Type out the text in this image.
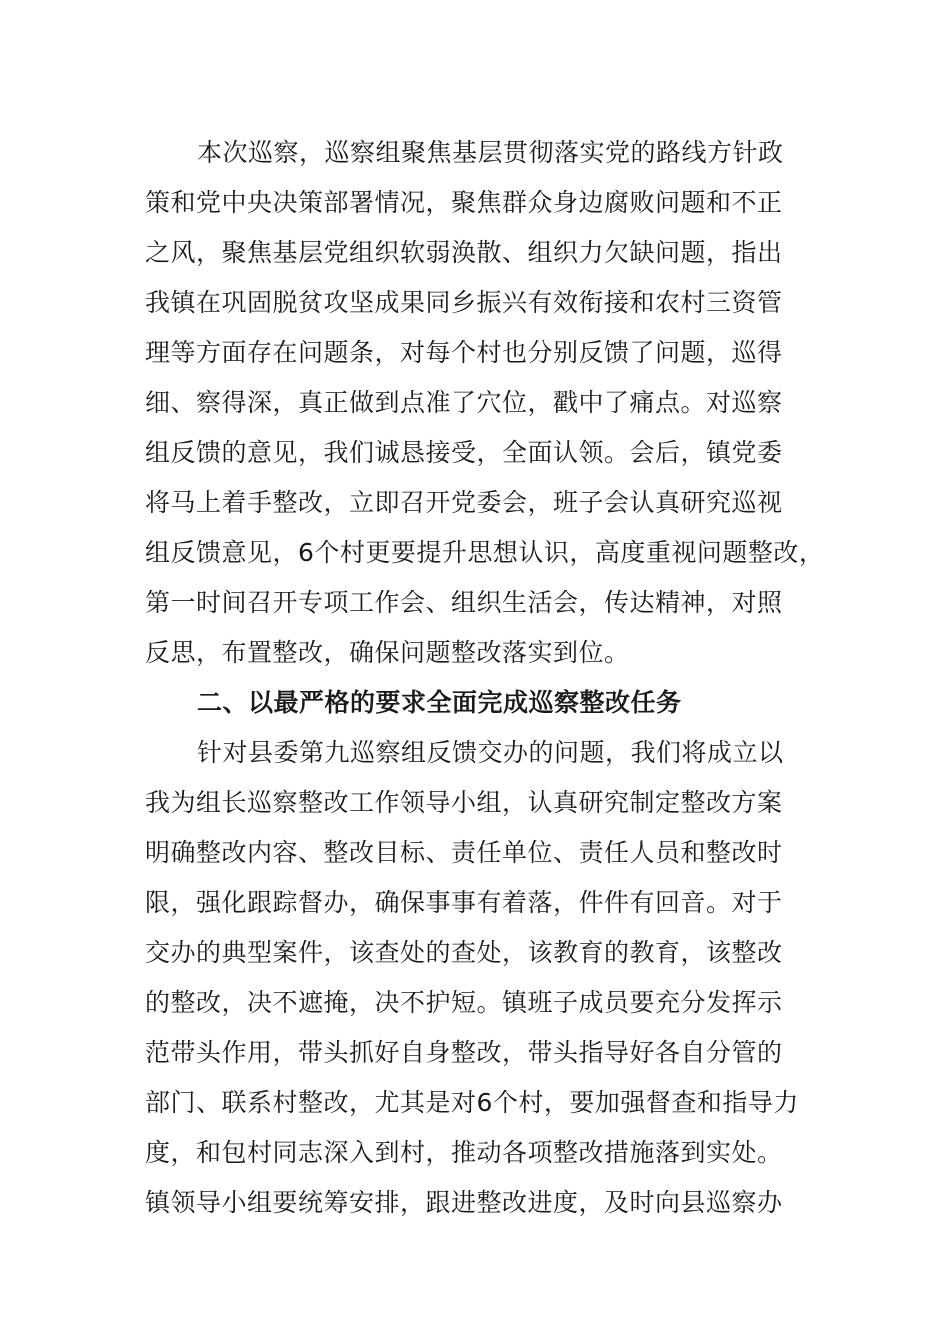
本次巡察，巡察组聚焦基层贯彻落实党的路线方针政
策和党中央决策部署情况，聚焦群众身边腐败问题和不正
之风，聚焦基层党组织软弱涣散、组织力欠缺问题，指出
我镇在巩固脱贫攻坚成果同乡振兴有效衔接和农村三资管
理等方面存在问题条，对每个村也分别反馈了问题，巡得
细、察得深，真正做到点准了穴位，戳中了痛点。对巡察
组反馈的意见，我们诚恳接受，全面认领。会后，镇党委
将马上着手整改，立即召开党委会，班子会认真研究巡视
组反馈意见，6个村更要提升思想认识，高度重视问题整改，
第一时间召开专项工作会、组织生活会，传达精神，对照
反思，布置整改，确保问题整改落实到位。
二、以最严格的要求全面完成巡察整改任务
针对县委第九巡察组反馈交办的问题，我们将成立以
我为组长巡察整改工作领导小组，认真研究制定整改方案
明确整改内容、整改目标、责任单位、责任人员和整改时
限，强化跟踪督办，确保事事有着落，件件有回音。对于
交办的典型案件，该查处的查处，该教育的教育，该整改
的整改，决不遮掩，决不护短。镇班子成员要充分发挥示
范带头作用，带头抓好自身整改，带头指导好各自分管的
部门、联系村整改，尤其是对6个村，要加强督查和指导力
度，和包村同志深入到村，推动各项整改措施落到实处。
镇领导小组要统筹安排，跟进整改进度，及时向县巡察办
